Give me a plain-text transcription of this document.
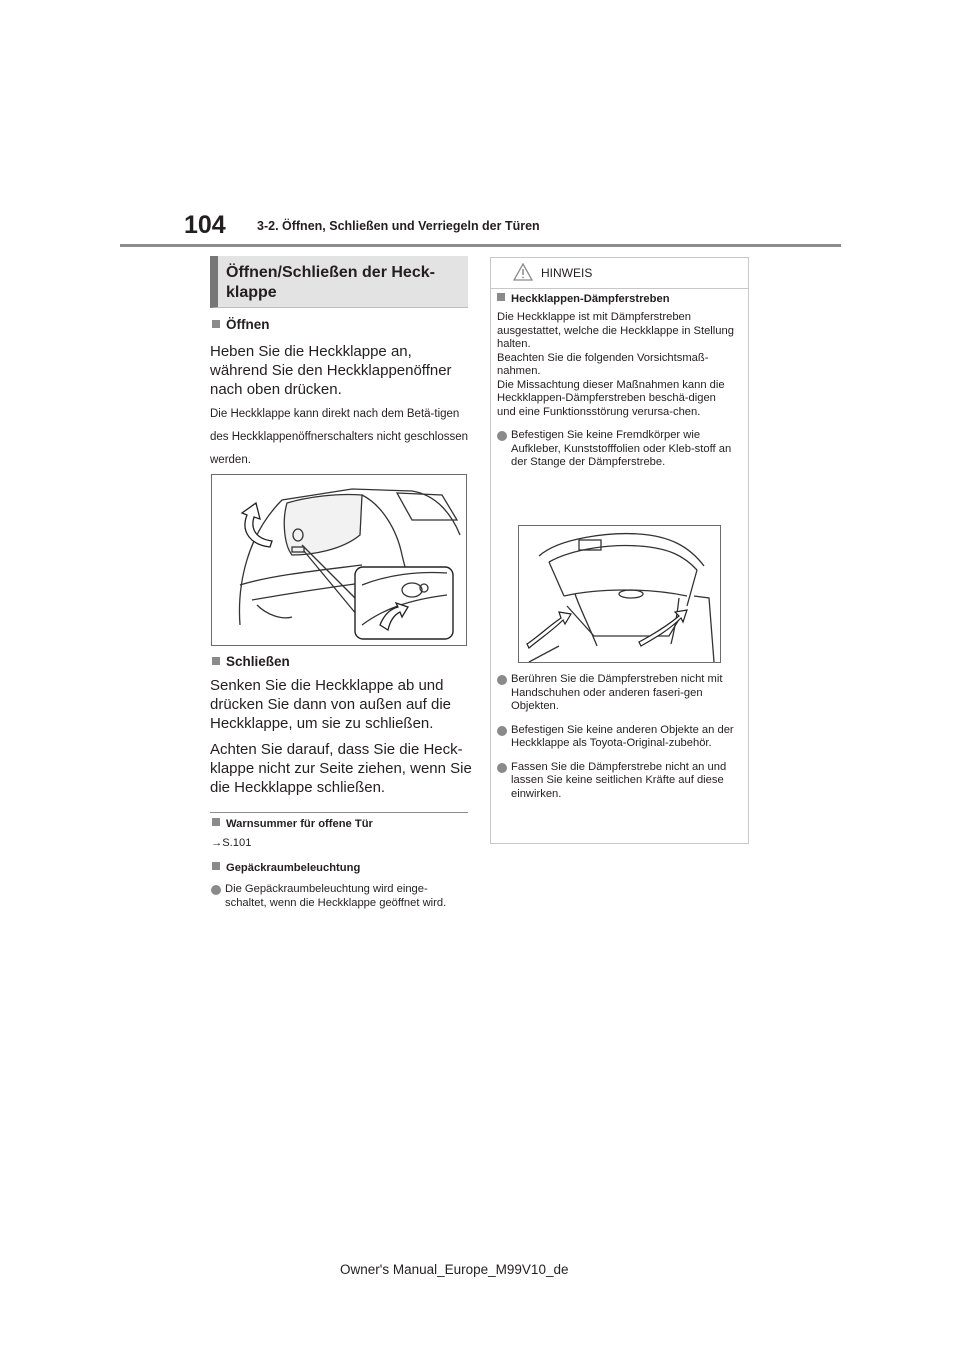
104	3-2. Öffnen, Schließen und Verriegeln der Türen
Öffnen/Schließen der Heck-klappe
Öffnen
Heben Sie die Heckklappe an, während Sie den Heckklappenöffner nach oben drücken.
Die Heckklappe kann direkt nach dem Betä-tigen des Heckklappenöffnerschalters nicht geschlossen werden.
Schließen
Senken Sie die Heckklappe ab und drücken Sie dann von außen auf die Heckklappe, um sie zu schließen.
Achten Sie darauf, dass Sie die Heck-klappe nicht zur Seite ziehen, wenn Sie die Heckklappe schließen.
Warnsummer für offene Tür
→S.101
Gepäckraumbeleuchtung
Die Gepäckraumbeleuchtung wird einge-schaltet, wenn die Heckklappe geöffnet wird.
HINWEIS
Heckklappen-Dämpferstreben
Die Heckklappe ist mit Dämpferstreben ausgestattet, welche die Heckklappe in Stellung halten.
Beachten Sie die folgenden Vorsichtsmaß-nahmen.
Die Missachtung dieser Maßnahmen kann die Heckklappen-Dämpferstreben beschä-digen und eine Funktionsstörung verursa-chen.
Befestigen Sie keine Fremdkörper wie Aufkleber, Kunststofffolien oder Kleb-stoff an der Stange der Dämpferstrebe.
Berühren Sie die Dämpferstreben nicht mit Handschuhen oder anderen faseri-gen Objekten.
Befestigen Sie keine anderen Objekte an der Heckklappe als Toyota-Original-zubehör.
Fassen Sie die Dämpferstrebe nicht an und lassen Sie keine seitlichen Kräfte auf diese einwirken.
Owner's Manual_Europe_M99V10_de
